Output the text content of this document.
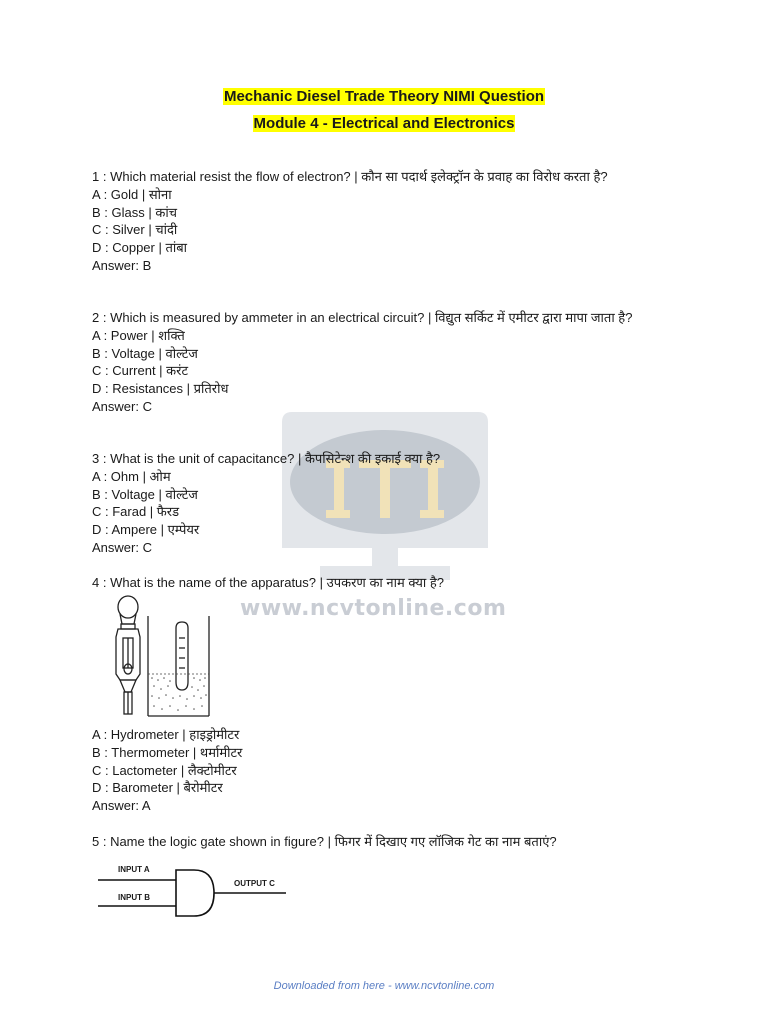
www.ncvtonline.com
Mechanic Diesel Trade Theory NIMI Question
Module 4 - Electrical and Electronics
1 : Which material resist the flow of electron? | कौन सा पदार्थ इलेक्ट्रॉन के प्रवाह का विरोध करता है?
A : Gold | सोना
B : Glass | कांच
C : Silver | चांदी
D : Copper | तांबा
Answer: B
2 : Which is measured by ammeter in an electrical circuit? | विद्युत सर्किट में एमीटर द्वारा मापा जाता है?
A : Power | शक्ति
B : Voltage | वोल्टेज
C : Current | करंट
D : Resistances | प्रतिरोध
Answer: C
3 : What is the unit of capacitance? | कैपसिटेन्श की इकाई क्या है?
A : Ohm | ओम
B : Voltage | वोल्टेज
C : Farad | फैरड
D : Ampere | एम्पेयर
Answer: C
4 : What is the name of the apparatus? | उपकरण का नाम क्या है?
A : Hydrometer | हाइड्रोमीटर
B : Thermometer | थर्मामीटर
C : Lactometer | लैक्टोमीटर
D : Barometer | बैरोमीटर
Answer: A
5 : Name the logic gate shown in figure? | फिगर में दिखाए गए लॉजिक गेट का नाम बताएं?
INPUT A
INPUT B
OUTPUT C
Downloaded from here - www.ncvtonline.com
